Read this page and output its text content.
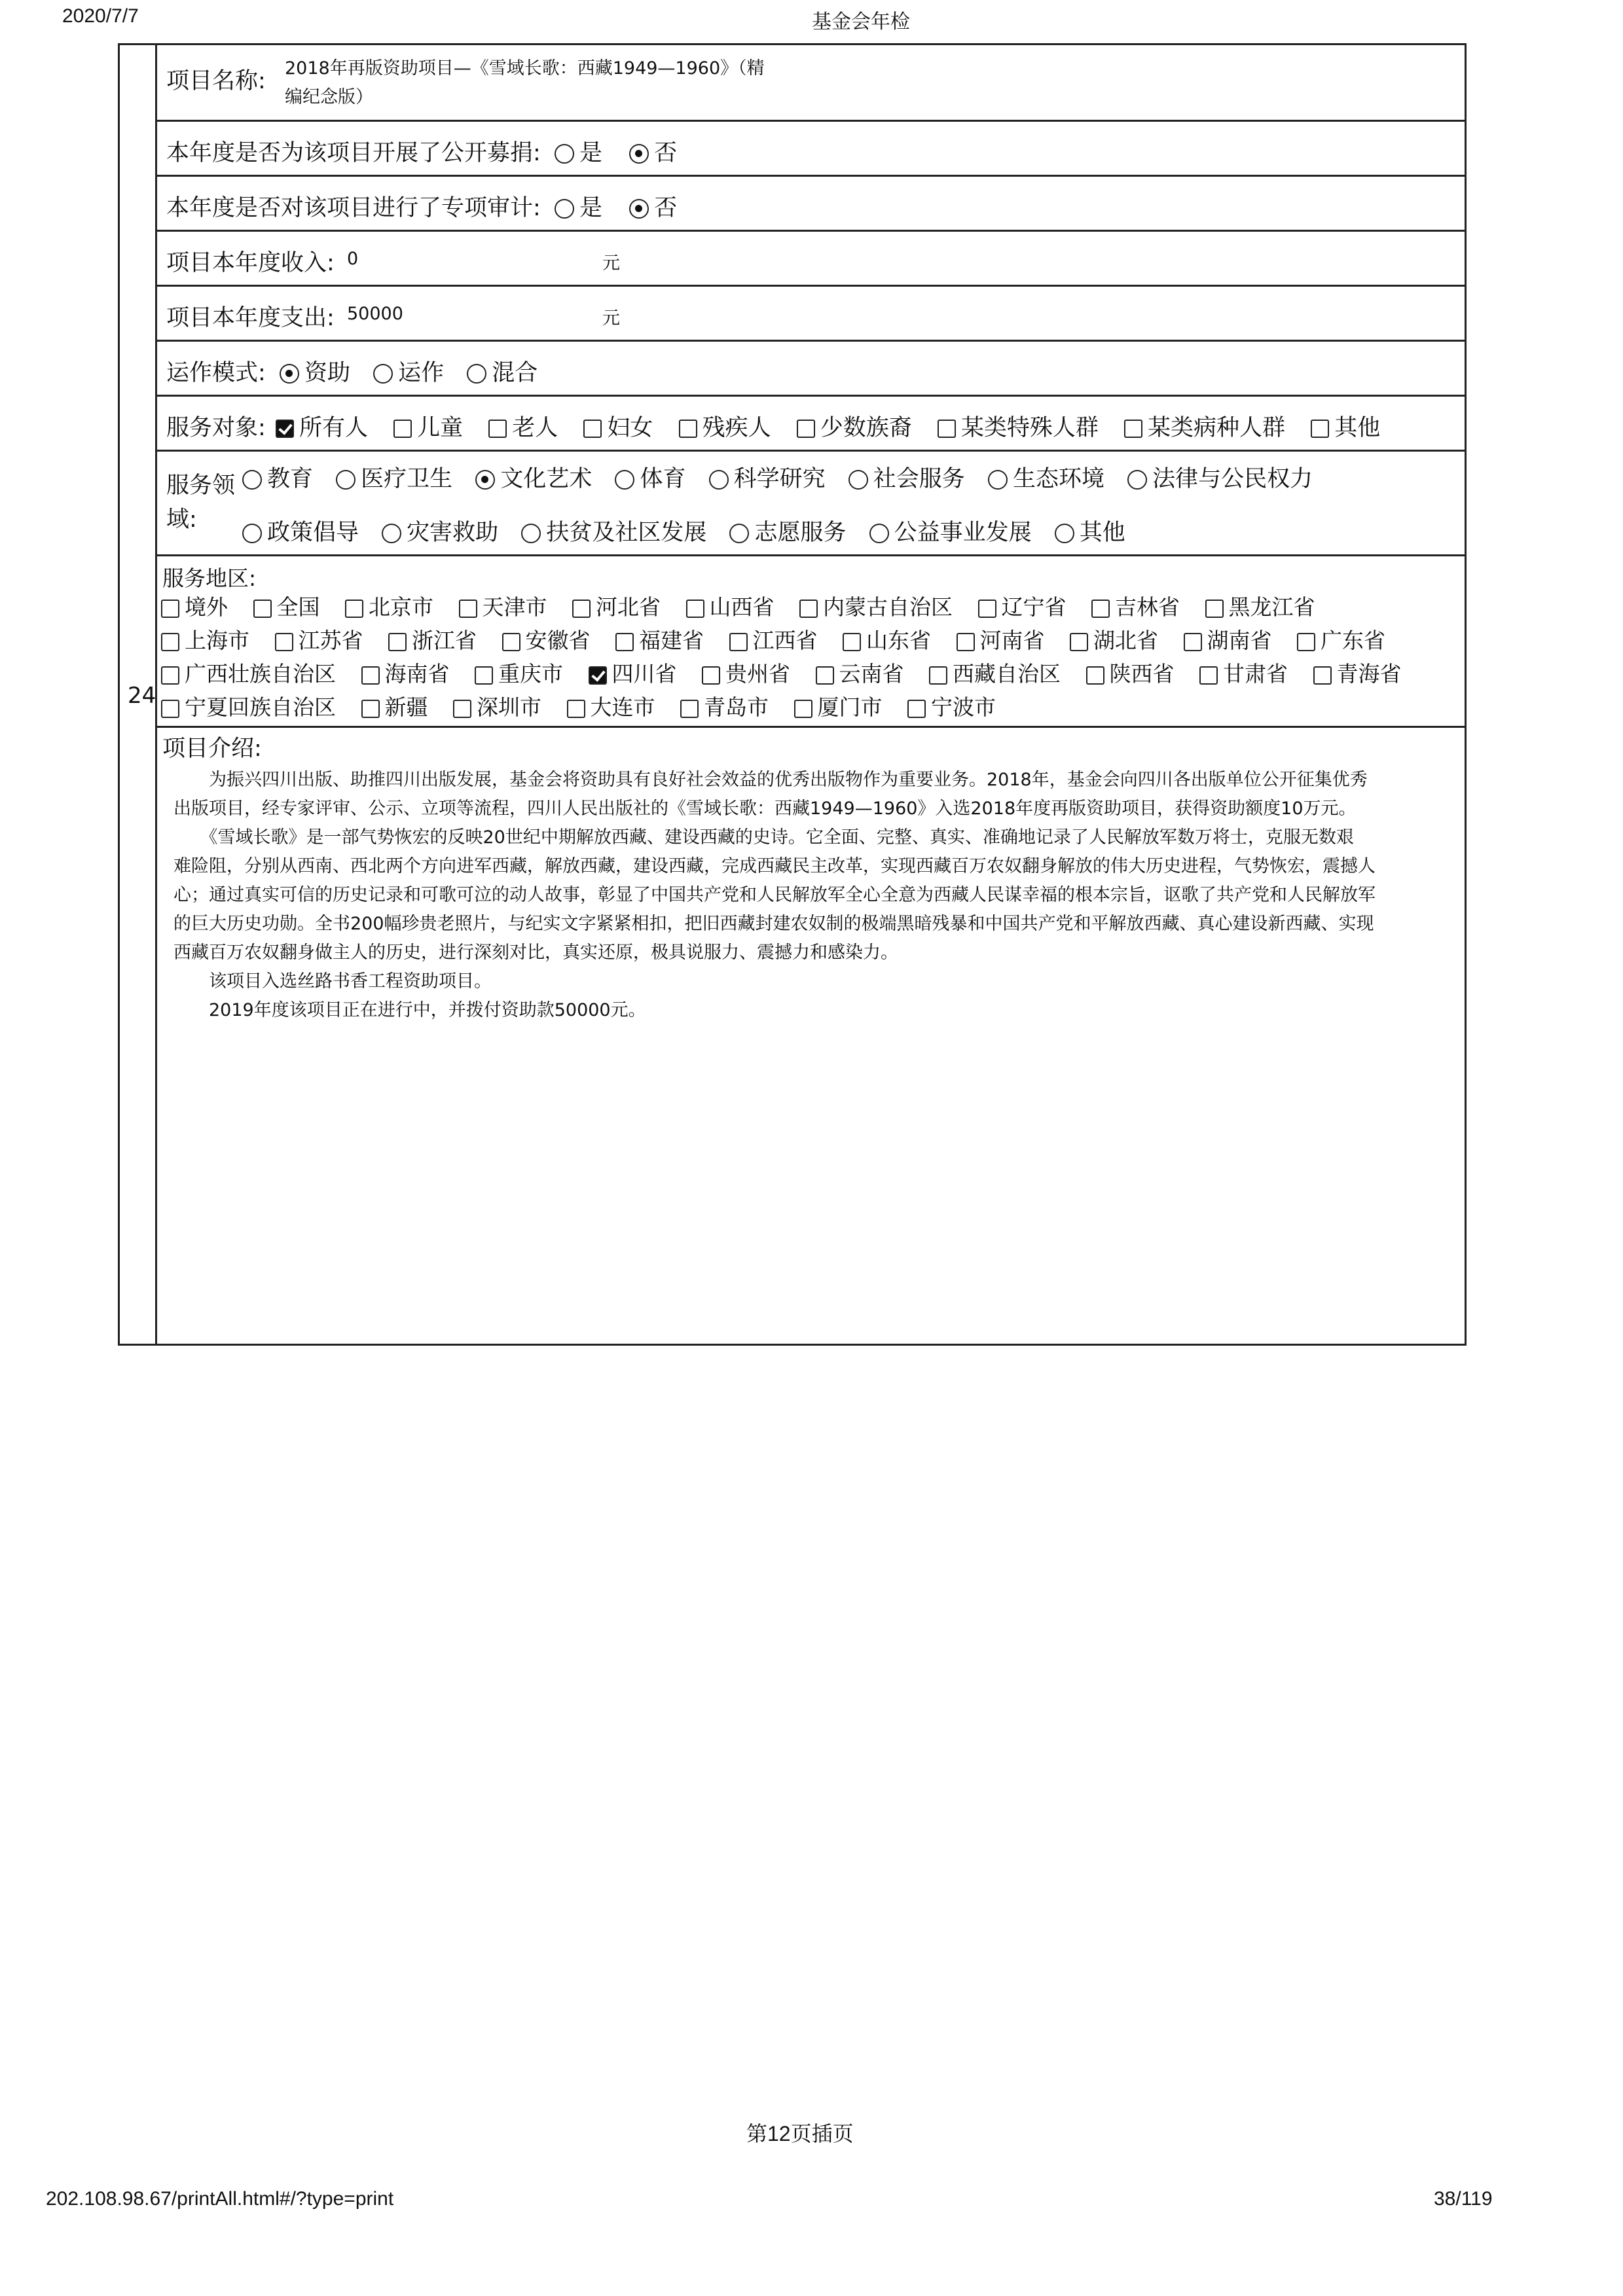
2020/7/7	基金会年检
24
项目名称: 2018年再版资助项目—《雪域长歌：西藏1949—1960》（精
编纪念版）
本年度是否为该项目开展了公开募捐: 是 否
本年度是否对该项目进行了专项审计: 是 否
项目本年度收入: 0	元
项目本年度支出: 50000	元
运作模式: 资助 运作 混合
服务对象: 所有人 儿童 老人 妇女 残疾人 少数族裔 某类特殊人群 某类病种人群 其他
服务领
域:
教育 医疗卫生 文化艺术 体育 科学研究 社会服务 生态环境 法律与公民权力
政策倡导 灾害救助 扶贫及社区发展 志愿服务 公益事业发展 其他
服务地区:
境外 全国 北京市 天津市 河北省 山西省 内蒙古自治区 辽宁省 吉林省 黑龙江省
上海市 江苏省 浙江省 安徽省 福建省 江西省 山东省 河南省 湖北省 湖南省 广东省
广西壮族自治区 海南省 重庆市 四川省 贵州省 云南省 西藏自治区 陕西省 甘肃省 青海省
宁夏回族自治区 新疆 深圳市 大连市 青岛市 厦门市 宁波市
项目介绍:

　　为振兴四川出版、助推四川出版发展，基金会将资助具有良好社会效益的优秀出版物作为重要业务。2018年，基金会向四川各出版单位公开征集优秀

出版项目，经专家评审、公示、立项等流程，四川人民出版社的《雪域长歌：西藏1949—1960》入选2018年度再版资助项目，获得资助额度10万元。

　　《雪域长歌》是一部气势恢宏的反映20世纪中期解放西藏、建设西藏的史诗。它全面、完整、真实、准确地记录了人民解放军数万将士，克服无数艰

难险阻，分别从西南、西北两个方向进军西藏，解放西藏，建设西藏，完成西藏民主改革，实现西藏百万农奴翻身解放的伟大历史进程，气势恢宏，震撼人

心；通过真实可信的历史记录和可歌可泣的动人故事，彰显了中国共产党和人民解放军全心全意为西藏人民谋幸福的根本宗旨，讴歌了共产党和人民解放军

的巨大历史功勋。全书200幅珍贵老照片，与纪实文字紧紧相扣，把旧西藏封建农奴制的极端黑暗残暴和中国共产党和平解放西藏、真心建设新西藏、实现

西藏百万农奴翻身做主人的历史，进行深刻对比，真实还原，极具说服力、震撼力和感染力。

　　该项目入选丝路书香工程资助项目。

　　2019年度该项目正在进行中，并拨付资助款50000元。

第12页插页
202.108.98.67/printAll.html#/?type=print	38/119
